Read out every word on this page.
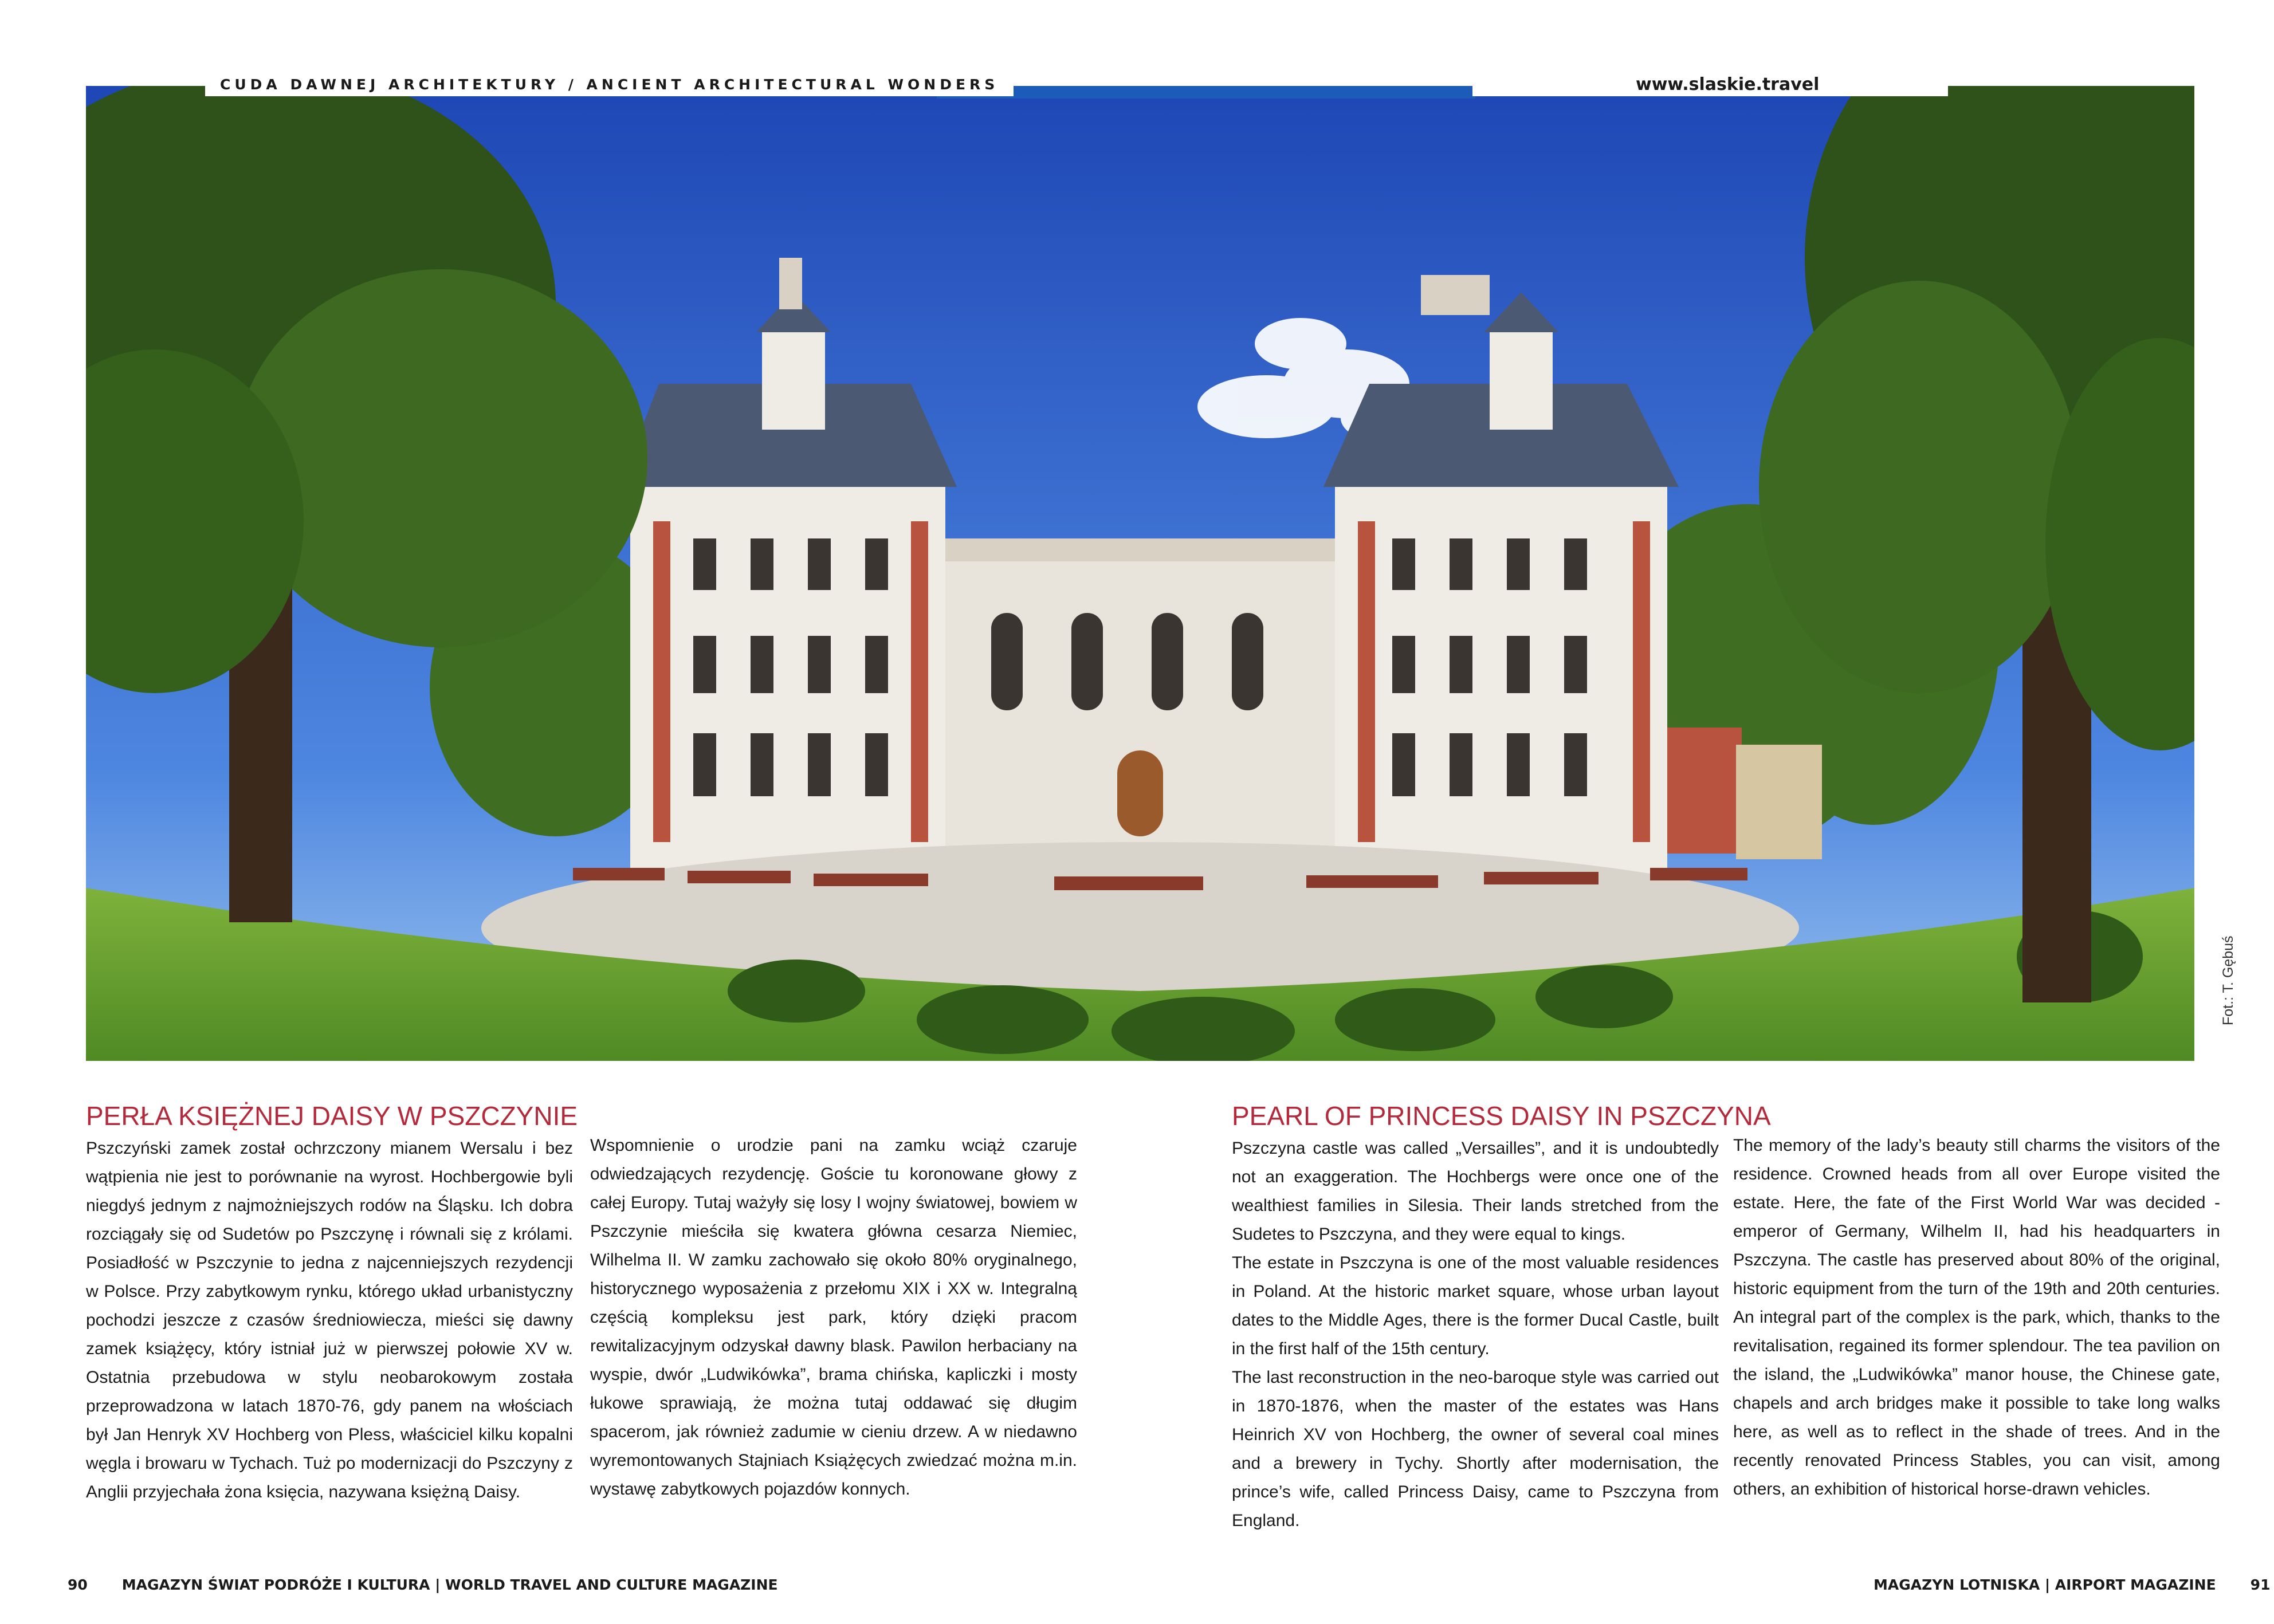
CUDA DAWNEJ ARCHITEKTURY / ANCIENT ARCHITECTURAL WONDERS	www.slaskie.travel
Fot.: T. Gębuś
PERŁA KSIĘŻNEJ DAISY W PSZCZYNIE
Pszczyński zamek został ochrzczony mianem Wersalu i bez wątpienia nie jest to porównanie na wyrost. Hochbergowie byli niegdyś jednym z najmożniejszych rodów na Śląsku. Ich dobra rozciągały się od Sudetów po Pszczynę i równali się z królami. Posiadłość w Pszczynie to jedna z najcenniejszych rezydencji w Polsce. Przy zabytkowym rynku, którego układ urbanistyczny pochodzi jeszcze z czasów średniowiecza, mieści się dawny zamek książęcy, który istniał już w pierwszej połowie XV w. Ostatnia przebudowa w stylu neobarokowym została przeprowadzona w latach 1870-76, gdy panem na włościach był Jan Henryk XV Hochberg von Pless, właściciel kilku kopalni węgla i browaru w Tychach. Tuż po modernizacji do Pszczyny z Anglii przyjechała żona księcia, nazywana księżną Daisy.
Wspomnienie o urodzie pani na zamku wciąż czaruje odwiedzających rezydencję. Goście tu koronowane głowy z całej Europy. Tutaj ważyły się losy I wojny światowej, bowiem w Pszczynie mieściła się kwatera główna cesarza Niemiec, Wilhelma II. W zamku zachowało się około 80% oryginalnego, historycznego wyposażenia z przełomu XIX i XX w. Integralną częścią kompleksu jest park, który dzięki pracom rewitalizacyjnym odzyskał dawny blask. Pawilon herbaciany na wyspie, dwór „Ludwikówka”, brama chińska, kapliczki i mosty łukowe sprawiają, że można tutaj oddawać się długim spacerom, jak również zadumie w cieniu drzew. A w niedawno wyremontowanych Stajniach Książęcych zwiedzać można m.in. wystawę zabytkowych pojazdów konnych.
PEARL OF PRINCESS DAISY IN PSZCZYNA

Pszczyna castle was called „Versailles”, and it is undoubtedly not an exaggeration. The Hochbergs were once one of the wealthiest families in Silesia. Their lands stretched from the Sudetes to Pszczyna, and they were equal to kings.

The estate in Pszczyna is one of the most valuable residences in Poland. At the historic market square, whose urban layout dates to the Middle Ages, there is the former Ducal Castle, built in the first half of the 15th century.

The last reconstruction in the neo-baroque style was carried out in 1870-1876, when the master of the estates was Hans Heinrich XV von Hochberg, the owner of several coal mines and a brewery in Tychy. Shortly after modernisation, the prince’s wife, called Princess Daisy, came to Pszczyna from England.

The memory of the lady’s beauty still charms the visitors of the residence. Crowned heads from all over Europe visited the estate. Here, the fate of the First World War was decided - emperor of Germany, Wilhelm II, had his headquarters in Pszczyna. The castle has preserved about 80% of the original, historic equipment from the turn of the 19th and 20th centuries. An integral part of the complex is the park, which, thanks to the revitalisation, regained its former splendour. The tea pavilion on the island, the „Ludwikówka” manor house, the Chinese gate, chapels and arch bridges make it possible to take long walks here, as well as to reflect in the shade of trees. And in the recently renovated Princess Stables, you can visit, among others, an exhibition of historical horse-drawn vehicles.
90 MAGAZYN ŚWIAT PODRÓŻE I KULTURA | WORLD TRAVEL AND CULTURE MAGAZINE	MAGAZYN LOTNISKA | AIRPORT MAGAZINE 91
